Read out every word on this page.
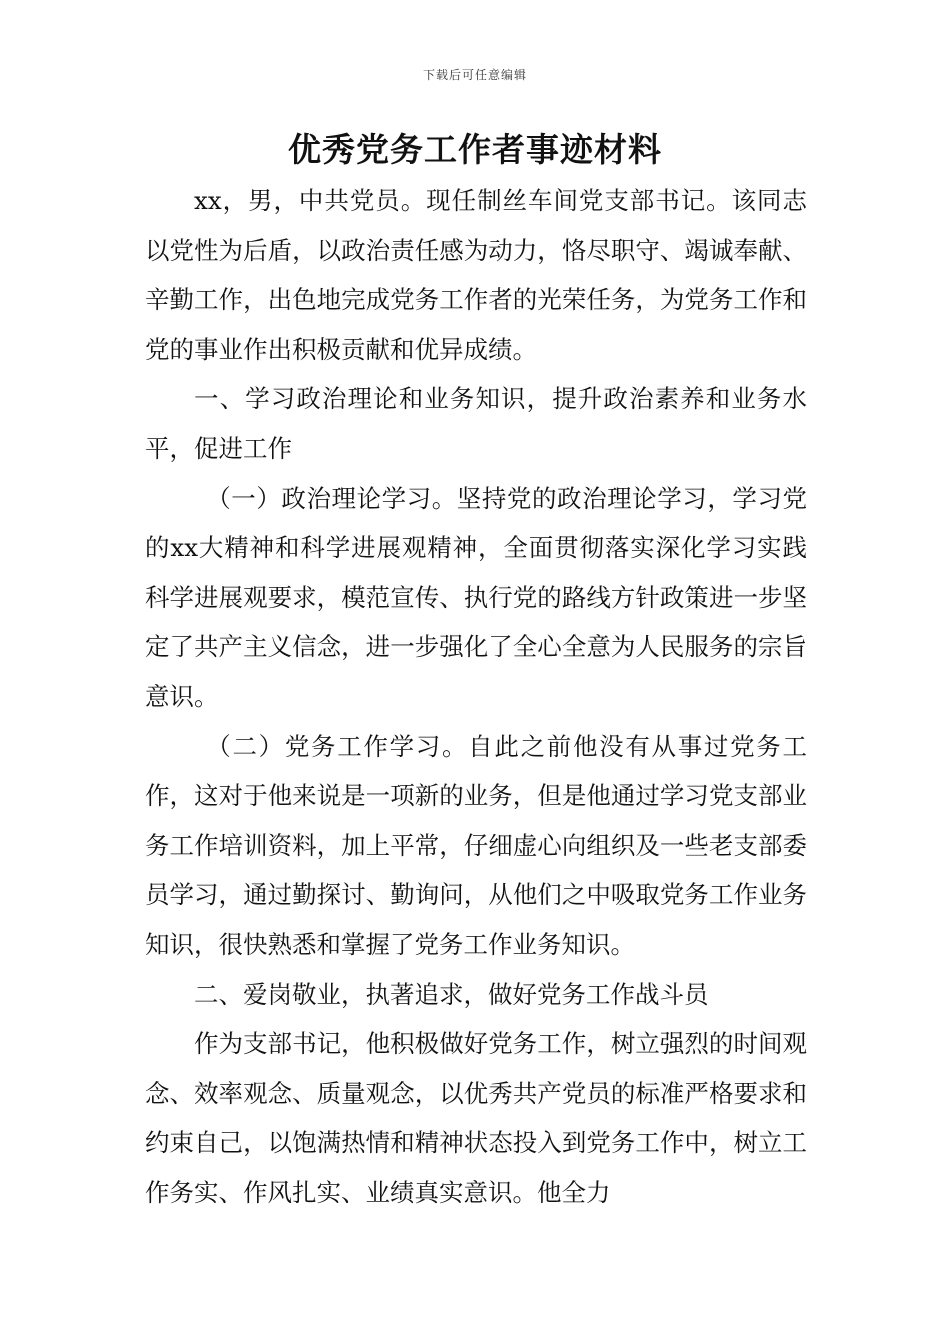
下载后可任意编辑
优秀党务工作者事迹材料

xx，男，中共党员。现任制丝车间党支部书记。该同志以党性为后盾，以政治责任感为动力，恪尽职守、竭诚奉献、辛勤工作，出色地完成党务工作者的光荣任务，为党务工作和党的事业作出积极贡献和优异成绩。

一、学习政治理论和业务知识，提升政治素养和业务水平，促进工作

（一）政治理论学习。坚持党的政治理论学习，学习党的xx大精神和科学进展观精神，全面贯彻落实深化学习实践科学进展观要求，模范宣传、执行党的路线方针政策进一步坚定了共产主义信念，进一步强化了全心全意为人民服务的宗旨意识。

（二）党务工作学习。自此之前他没有从事过党务工作，这对于他来说是一项新的业务，但是他通过学习党支部业务工作培训资料，加上平常，仔细虚心向组织及一些老支部委员学习，通过勤探讨、勤询问，从他们之中吸取党务工作业务知识，很快熟悉和掌握了党务工作业务知识。

二、爱岗敬业，执著追求，做好党务工作战斗员

作为支部书记，他积极做好党务工作，树立强烈的时间观念、效率观念、质量观念，以优秀共产党员的标准严格要求和约束自己，以饱满热情和精神状态投入到党务工作中，树立工作务实、作风扎实、业绩真实意识。他全力
